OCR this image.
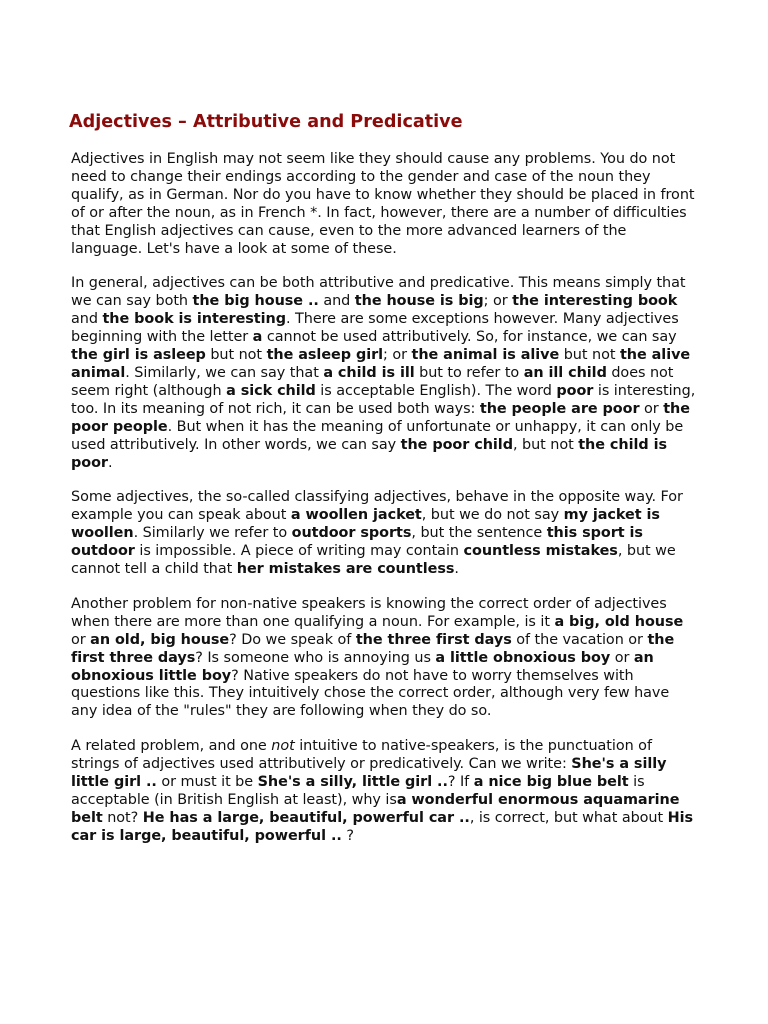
Adjectives – Attributive and Predicative

Adjectives in English may not seem like they should cause any problems. You do not need to change their endings according to the gender and case of the noun they qualify, as in German. Nor do you have to know whether they should be placed in front of or after the noun, as in French *. In fact, however, there are a number of difficulties that English adjectives can cause, even to the more advanced learners of the language. Let's have a look at some of these.

In general, adjectives can be both attributive and predicative. This means simply that we can say both the big house .. and the house is big; or the interesting book and the book is interesting. There are some exceptions however. Many adjectives beginning with the letter a cannot be used attributively. So, for instance, we can say the girl is asleep but not the asleep girl; or the animal is alive but not the alive animal. Similarly, we can say that a child is ill but to refer to an ill child does not seem right (although a sick child is acceptable English). The word poor is interesting, too. In its meaning of not rich, it can be used both ways: the people are poor or the poor people. But when it has the meaning of unfortunate or unhappy, it can only be used attributively. In other words, we can say the poor child, but not the child is poor.

Some adjectives, the so-called classifying adjectives, behave in the opposite way. For example you can speak about a woollen jacket, but we do not say my jacket is woollen. Similarly we refer to outdoor sports, but the sentence this sport is outdoor is impossible. A piece of writing may contain countless mistakes, but we cannot tell a child that her mistakes are countless.

Another problem for non-native speakers is knowing the correct order of adjectives when there are more than one qualifying a noun. For example, is it a big, old house or an old, big house? Do we speak of the three first days of the vacation or the first three days? Is someone who is annoying us a little obnoxious boy or an obnoxious little boy? Native speakers do not have to worry themselves with questions like this. They intuitively chose the correct order, although very few have any idea of the "rules" they are following when they do so.

A related problem, and one not intuitive to native-speakers, is the punctuation of strings of adjectives used attributively or predicatively. Can we write: She's a silly little girl .. or must it be She's a silly, little girl ..? If a nice big blue belt is acceptable (in British English at least), why isa wonderful enormous aquamarine belt not? He has a large, beautiful, powerful car .., is correct, but what about His car is large, beautiful, powerful .. ?
